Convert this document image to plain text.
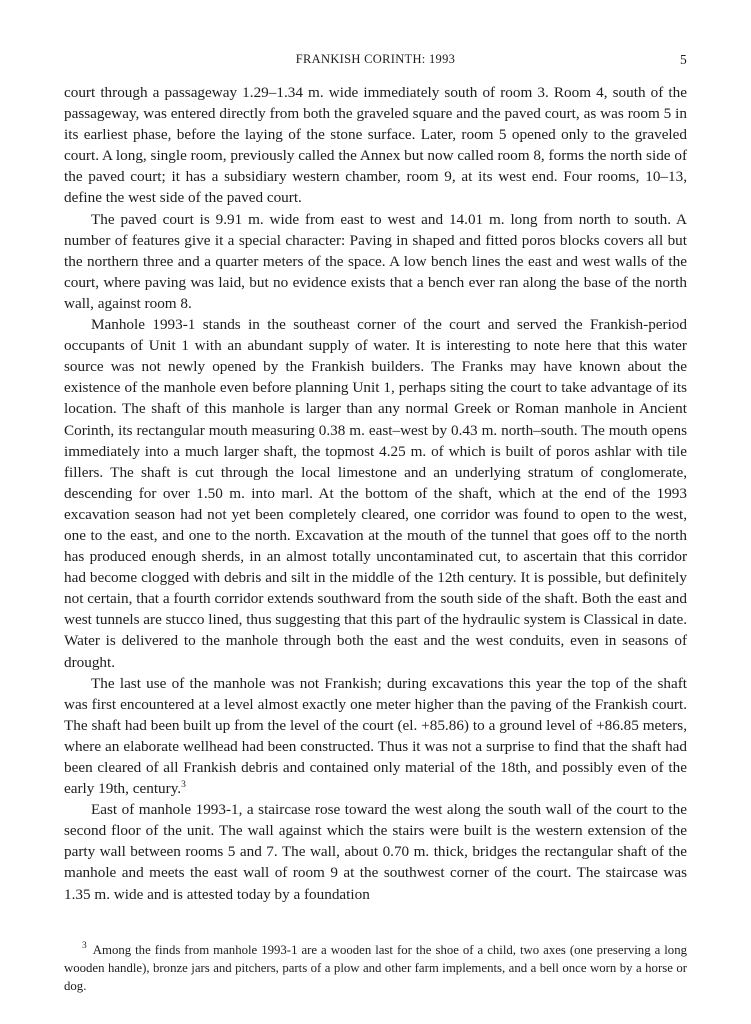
FRANKISH CORINTH: 1993	5

court through a passageway 1.29–1.34 m. wide immediately south of room 3. Room 4, south of the passageway, was entered directly from both the graveled square and the paved court, as was room 5 in its earliest phase, before the laying of the stone surface. Later, room 5 opened only to the graveled court. A long, single room, previously called the Annex but now called room 8, forms the north side of the paved court; it has a subsidiary western chamber, room 9, at its west end. Four rooms, 10–13, define the west side of the paved court.

The paved court is 9.91 m. wide from east to west and 14.01 m. long from north to south. A number of features give it a special character: Paving in shaped and fitted poros blocks covers all but the northern three and a quarter meters of the space. A low bench lines the east and west walls of the court, where paving was laid, but no evidence exists that a bench ever ran along the base of the north wall, against room 8.

Manhole 1993-1 stands in the southeast corner of the court and served the Frankish-period occupants of Unit 1 with an abundant supply of water. It is interesting to note here that this water source was not newly opened by the Frankish builders. The Franks may have known about the existence of the manhole even before planning Unit 1, perhaps siting the court to take advantage of its location. The shaft of this manhole is larger than any normal Greek or Roman manhole in Ancient Corinth, its rectangular mouth measuring 0.38 m. east–west by 0.43 m. north–south. The mouth opens immediately into a much larger shaft, the topmost 4.25 m. of which is built of poros ashlar with tile fillers. The shaft is cut through the local limestone and an underlying stratum of conglomerate, descending for over 1.50 m. into marl. At the bottom of the shaft, which at the end of the 1993 excavation season had not yet been completely cleared, one corridor was found to open to the west, one to the east, and one to the north. Excavation at the mouth of the tunnel that goes off to the north has produced enough sherds, in an almost totally uncontaminated cut, to ascertain that this corridor had become clogged with debris and silt in the middle of the 12th century. It is possible, but definitely not certain, that a fourth corridor extends southward from the south side of the shaft. Both the east and west tunnels are stucco lined, thus suggesting that this part of the hydraulic system is Classical in date. Water is delivered to the manhole through both the east and the west conduits, even in seasons of drought.

The last use of the manhole was not Frankish; during excavations this year the top of the shaft was first encountered at a level almost exactly one meter higher than the paving of the Frankish court. The shaft had been built up from the level of the court (el. +85.86) to a ground level of +86.85 meters, where an elaborate wellhead had been constructed. Thus it was not a surprise to find that the shaft had been cleared of all Frankish debris and contained only material of the 18th, and possibly even of the early 19th, century.$^3$

East of manhole 1993-1, a staircase rose toward the west along the south wall of the court to the second floor of the unit. The wall against which the stairs were built is the western extension of the party wall between rooms 5 and 7. The wall, about 0.70 m. thick, bridges the rectangular shaft of the manhole and meets the east wall of room 9 at the southwest corner of the court. The staircase was 1.35 m. wide and is attested today by a foundation

$^3$ Among the finds from manhole 1993-1 are a wooden last for the shoe of a child, two axes (one preserving a long wooden handle), bronze jars and pitchers, parts of a plow and other farm implements, and a bell once worn by a horse or dog.
